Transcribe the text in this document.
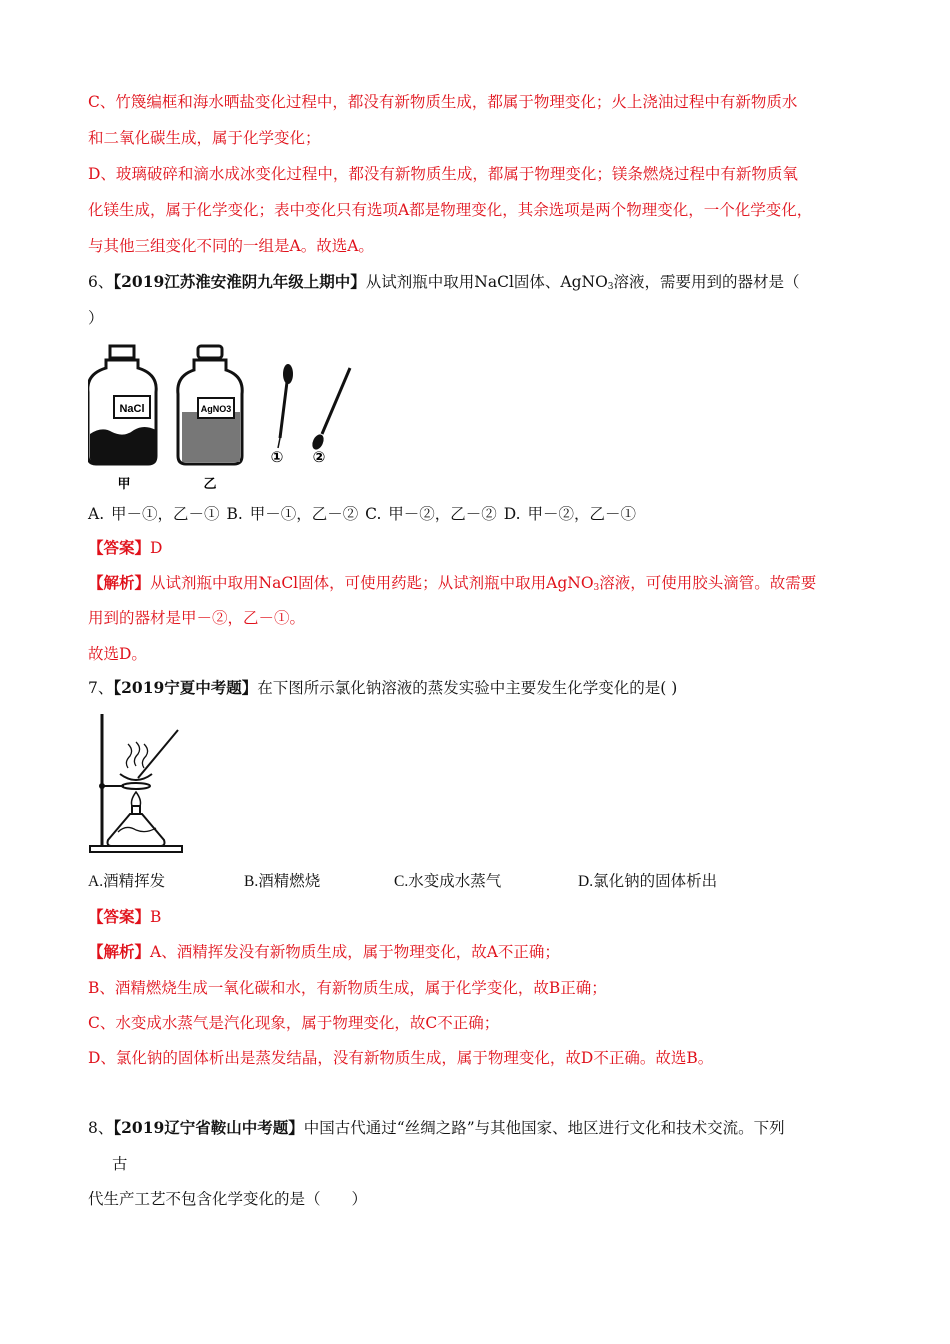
C、竹篾编框和海水晒盐变化过程中，都没有新物质生成，都属于物理变化；火上浇油过程中有新物质水
和二氧化碳生成，属于化学变化；
D、玻璃破碎和滴水成冰变化过程中，都没有新物质生成，都属于物理变化；镁条燃烧过程中有新物质氧
化镁生成，属于化学变化；表中变化只有选项A都是物理变化，其余选项是两个物理变化，一个化学变化，
与其他三组变化不同的一组是A。故选A。
6、【2019江苏淮安淮阴九年级上期中】从试剂瓶中取用NaCl固体、AgNO$_3$溶液，需要用到的器材是（
）
NaCl
甲
AgNO3
乙
① ②
A. 甲－①，乙－① B. 甲－①，乙－② C. 甲－②，乙－② D. 甲－②，乙－①
【答案】D
【解析】从试剂瓶中取用NaCl固体，可使用药匙；从试剂瓶中取用AgNO$_3$溶液，可使用胶头滴管。故需要
用到的器材是甲－②，乙－①。
故选D。
7、【2019宁夏中考题】在下图所示氯化钠溶液的蒸发实验中主要发生化学变化的是( )
A.酒精挥发	B.酒精燃烧	C.水变成水蒸气	D.氯化钠的固体析出
【答案】B
【解析】A、酒精挥发没有新物质生成，属于物理变化，故A不正确；
B、酒精燃烧生成一氧化碳和水，有新物质生成，属于化学变化，故B正确；
C、水变成水蒸气是汽化现象，属于物理变化，故C不正确；
D、氯化钠的固体析出是蒸发结晶，没有新物质生成，属于物理变化，故D不正确。故选B。
8、【2019辽宁省鞍山中考题】中国古代通过“丝绸之路”与其他国家、地区进行文化和技术交流。下列
古
代生产工艺不包含化学变化的是（　　）
